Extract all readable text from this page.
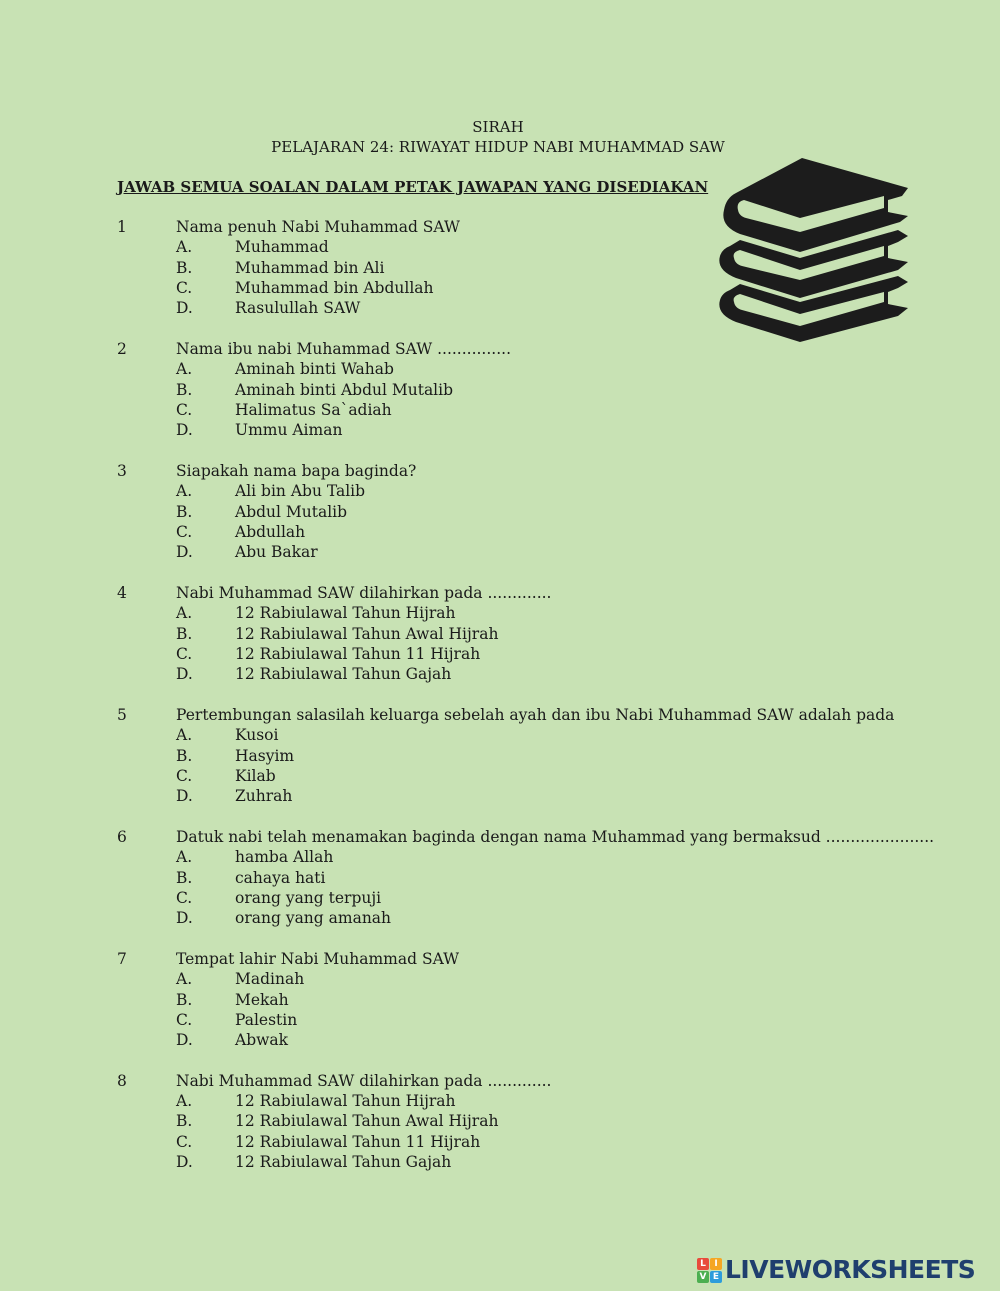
SIRAH
PELAJARAN 24: RIWAYAT HIDUP NABI MUHAMMAD SAW
JAWAB SEMUA SOALAN DALAM PETAK JAWAPAN YANG DISEDIAKAN
1	Nama penuh Nabi Muhammad SAW
A.	Muhammad
B.	Muhammad bin Ali
C.	Muhammad bin Abdullah
D.	Rasulullah SAW
2	Nama ibu nabi Muhammad SAW ...............
A.	Aminah binti Wahab
B.	Aminah binti Abdul Mutalib
C.	Halimatus Sa`adiah
D.	Ummu Aiman
3	Siapakah nama bapa baginda?
A.	Ali bin Abu Talib
B.	Abdul Mutalib
C.	Abdullah
D.	Abu Bakar
4	Nabi Muhammad SAW dilahirkan pada .............
A.	12 Rabiulawal Tahun Hijrah
B.	12 Rabiulawal Tahun Awal Hijrah
C.	12 Rabiulawal Tahun 11 Hijrah
D.	12 Rabiulawal Tahun Gajah
5	Pertembungan salasilah keluarga sebelah ayah dan ibu Nabi Muhammad SAW adalah pada
A.	Kusoi
B.	Hasyim
C.	Kilab
D.	Zuhrah
6	Datuk nabi telah menamakan baginda dengan nama Muhammad yang bermaksud ......................
A.	hamba Allah
B.	cahaya hati
C.	orang yang terpuji
D.	orang yang amanah
7	Tempat lahir Nabi Muhammad SAW
A.	Madinah
B.	Mekah
C.	Palestin
D.	Abwak
8	Nabi Muhammad SAW dilahirkan pada .............
A.	12 Rabiulawal Tahun Hijrah
B.	12 Rabiulawal Tahun Awal Hijrah
C.	12 Rabiulawal Tahun 11 Hijrah
D.	12 Rabiulawal Tahun Gajah
L I
V E LIVEWORKSHEETS
